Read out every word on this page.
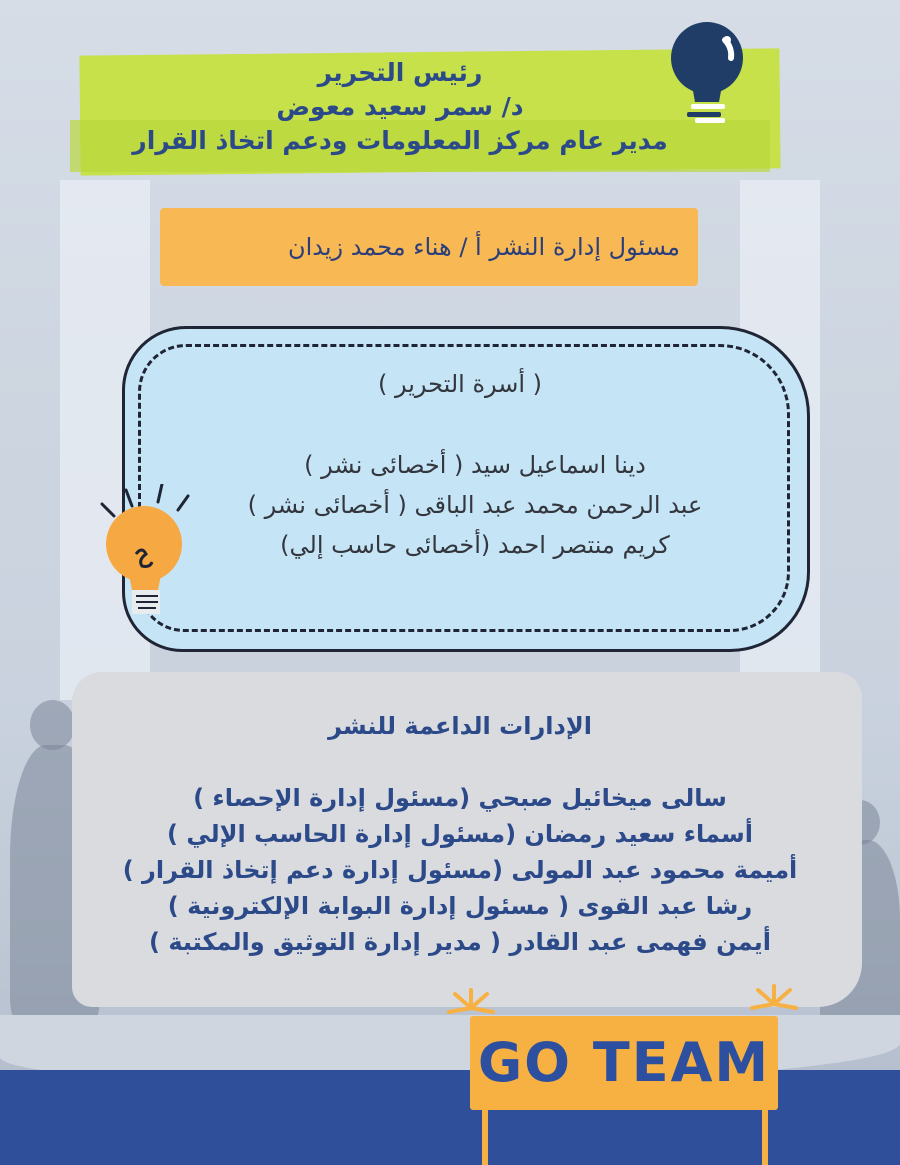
رئيس التحرير
د/ سمر سعيد معوض
مدير عام مركز المعلومات ودعم اتخاذ القرار
مسئول إدارة النشر أ / هناء محمد زيدان
( أسرة التحرير )
دينا اسماعيل سيد ( أخصائى نشر )
عبد الرحمن محمد عبد الباقى ( أخصائى نشر )
كريم منتصر احمد (أخصائى حاسب إلي)
الإدارات الداعمة للنشر
سالى ميخائيل صبحي (مسئول إدارة الإحصاء )
أسماء سعيد رمضان (مسئول إدارة الحاسب الإلي )
أميمة محمود عبد المولى (مسئول إدارة دعم إتخاذ القرار )
رشا عبد القوى ( مسئول إدارة البوابة الإلكترونية )
أيمن فهمى عبد القادر ( مدير إدارة التوثيق والمكتبة )
GO TEAM
